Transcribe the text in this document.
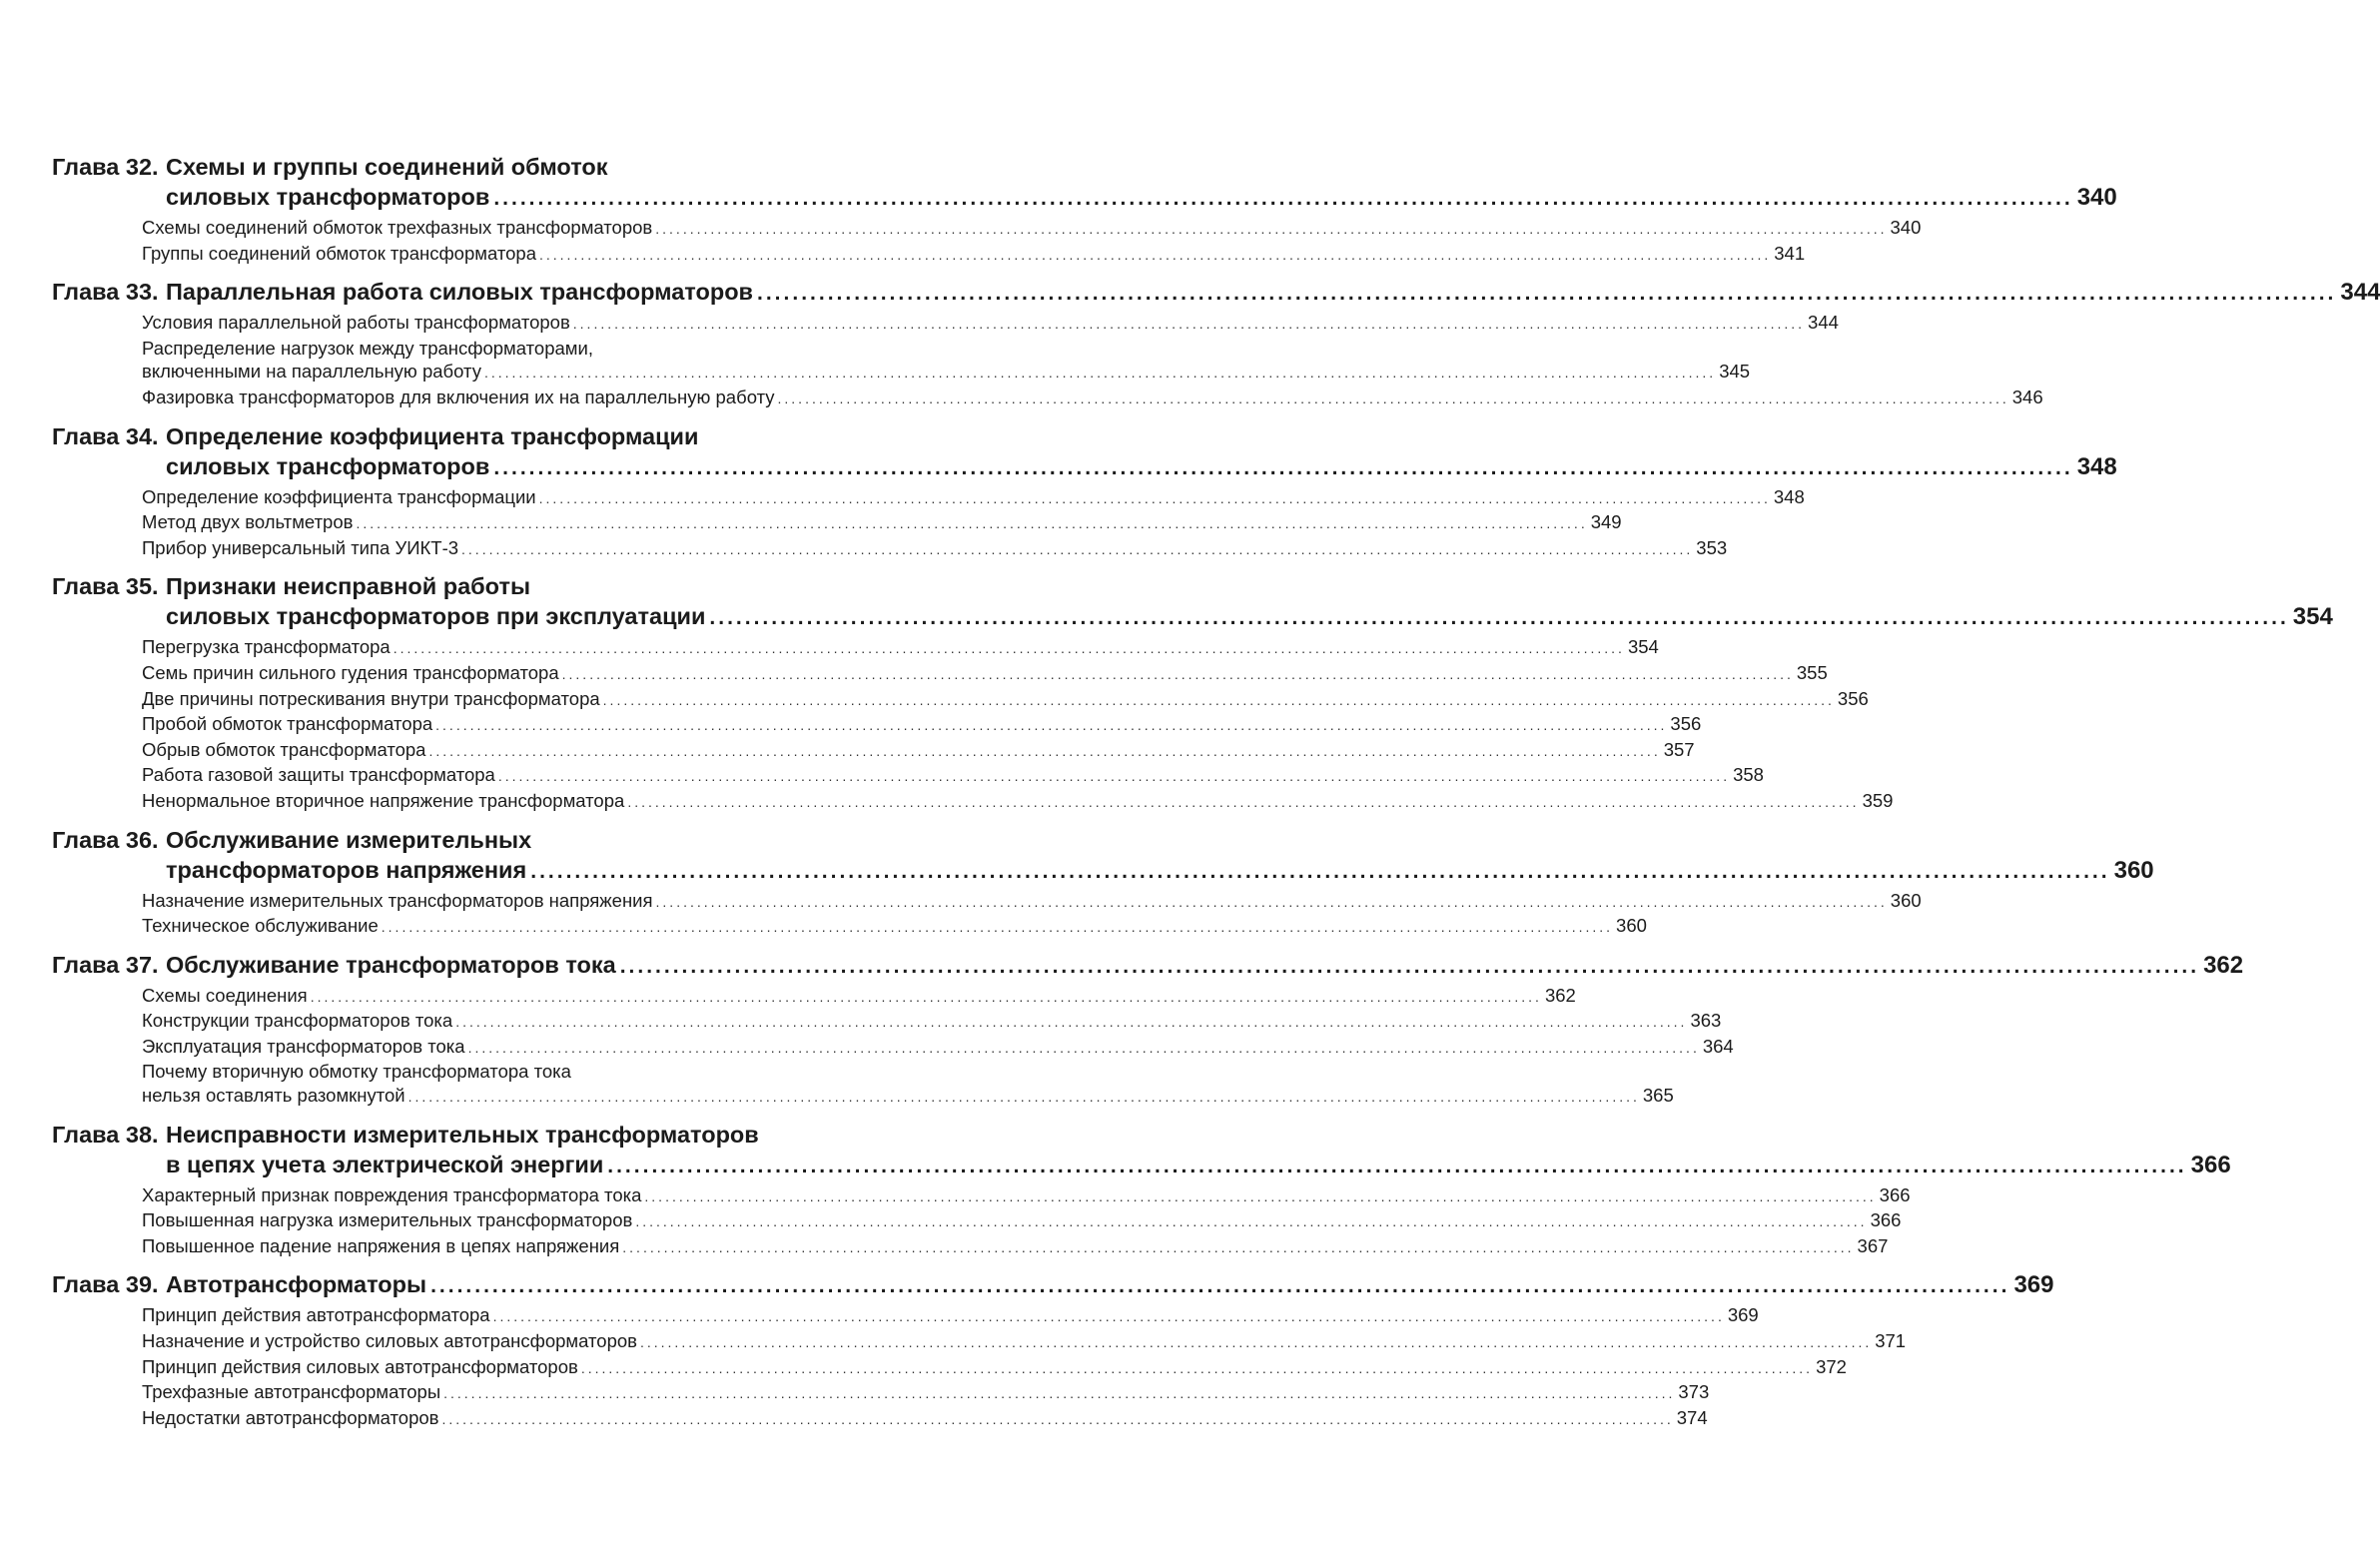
Глава 32. Схемы и группы соединений обмоток
силовых трансформаторов ................................................................................................................................................................................... 340
Схемы соединений обмоток трехфазных трансформаторов ................................................................................................................................................................................... 340
Группы соединений обмоток трансформатора ................................................................................................................................................................................... 341
Глава 33. Параллельная работа силовых трансформаторов ................................................................................................................................................................................... 344
Условия параллельной работы трансформаторов ................................................................................................................................................................................... 344
Распределение нагрузок между трансформаторами,
включенными на параллельную работу ................................................................................................................................................................................... 345
Фазировка трансформаторов для включения их на параллельную работу ................................................................................................................................................................................... 346
Глава 34. Определение коэффициента трансформации
силовых трансформаторов ................................................................................................................................................................................... 348
Определение коэффициента трансформации ................................................................................................................................................................................... 348
Метод двух вольтметров ................................................................................................................................................................................... 349
Прибор универсальный типа УИКТ-3 ................................................................................................................................................................................... 353
Глава 35. Признаки неисправной работы
силовых трансформаторов при эксплуатации ................................................................................................................................................................................... 354
Перегрузка трансформатора ................................................................................................................................................................................... 354
Семь причин сильного гудения трансформатора ................................................................................................................................................................................... 355
Две причины потрескивания внутри трансформатора ................................................................................................................................................................................... 356
Пробой обмоток трансформатора ................................................................................................................................................................................... 356
Обрыв обмоток трансформатора ................................................................................................................................................................................... 357
Работа газовой защиты трансформатора ................................................................................................................................................................................... 358
Ненормальное вторичное напряжение трансформатора ................................................................................................................................................................................... 359
Глава 36. Обслуживание измерительных
трансформаторов напряжения ................................................................................................................................................................................... 360
Назначение измерительных трансформаторов напряжения ................................................................................................................................................................................... 360
Техническое обслуживание ................................................................................................................................................................................... 360
Глава 37. Обслуживание трансформаторов тока ................................................................................................................................................................................... 362
Схемы соединения ................................................................................................................................................................................... 362
Конструкции трансформаторов тока ................................................................................................................................................................................... 363
Эксплуатация трансформаторов тока ................................................................................................................................................................................... 364
Почему вторичную обмотку трансформатора тока
нельзя оставлять разомкнутой ................................................................................................................................................................................... 365
Глава 38. Неисправности измерительных трансформаторов
в цепях учета электрической энергии ................................................................................................................................................................................... 366
Характерный признак повреждения трансформатора тока ................................................................................................................................................................................... 366
Повышенная нагрузка измерительных трансформаторов ................................................................................................................................................................................... 366
Повышенное падение напряжения в цепях напряжения ................................................................................................................................................................................... 367
Глава 39. Автотрансформаторы ................................................................................................................................................................................... 369
Принцип действия автотрансформатора ................................................................................................................................................................................... 369
Назначение и устройство силовых автотрансформаторов ................................................................................................................................................................................... 371
Принцип действия силовых автотрансформаторов ................................................................................................................................................................................... 372
Трехфазные автотрансформаторы ................................................................................................................................................................................... 373
Недостатки автотрансформаторов ................................................................................................................................................................................... 374
